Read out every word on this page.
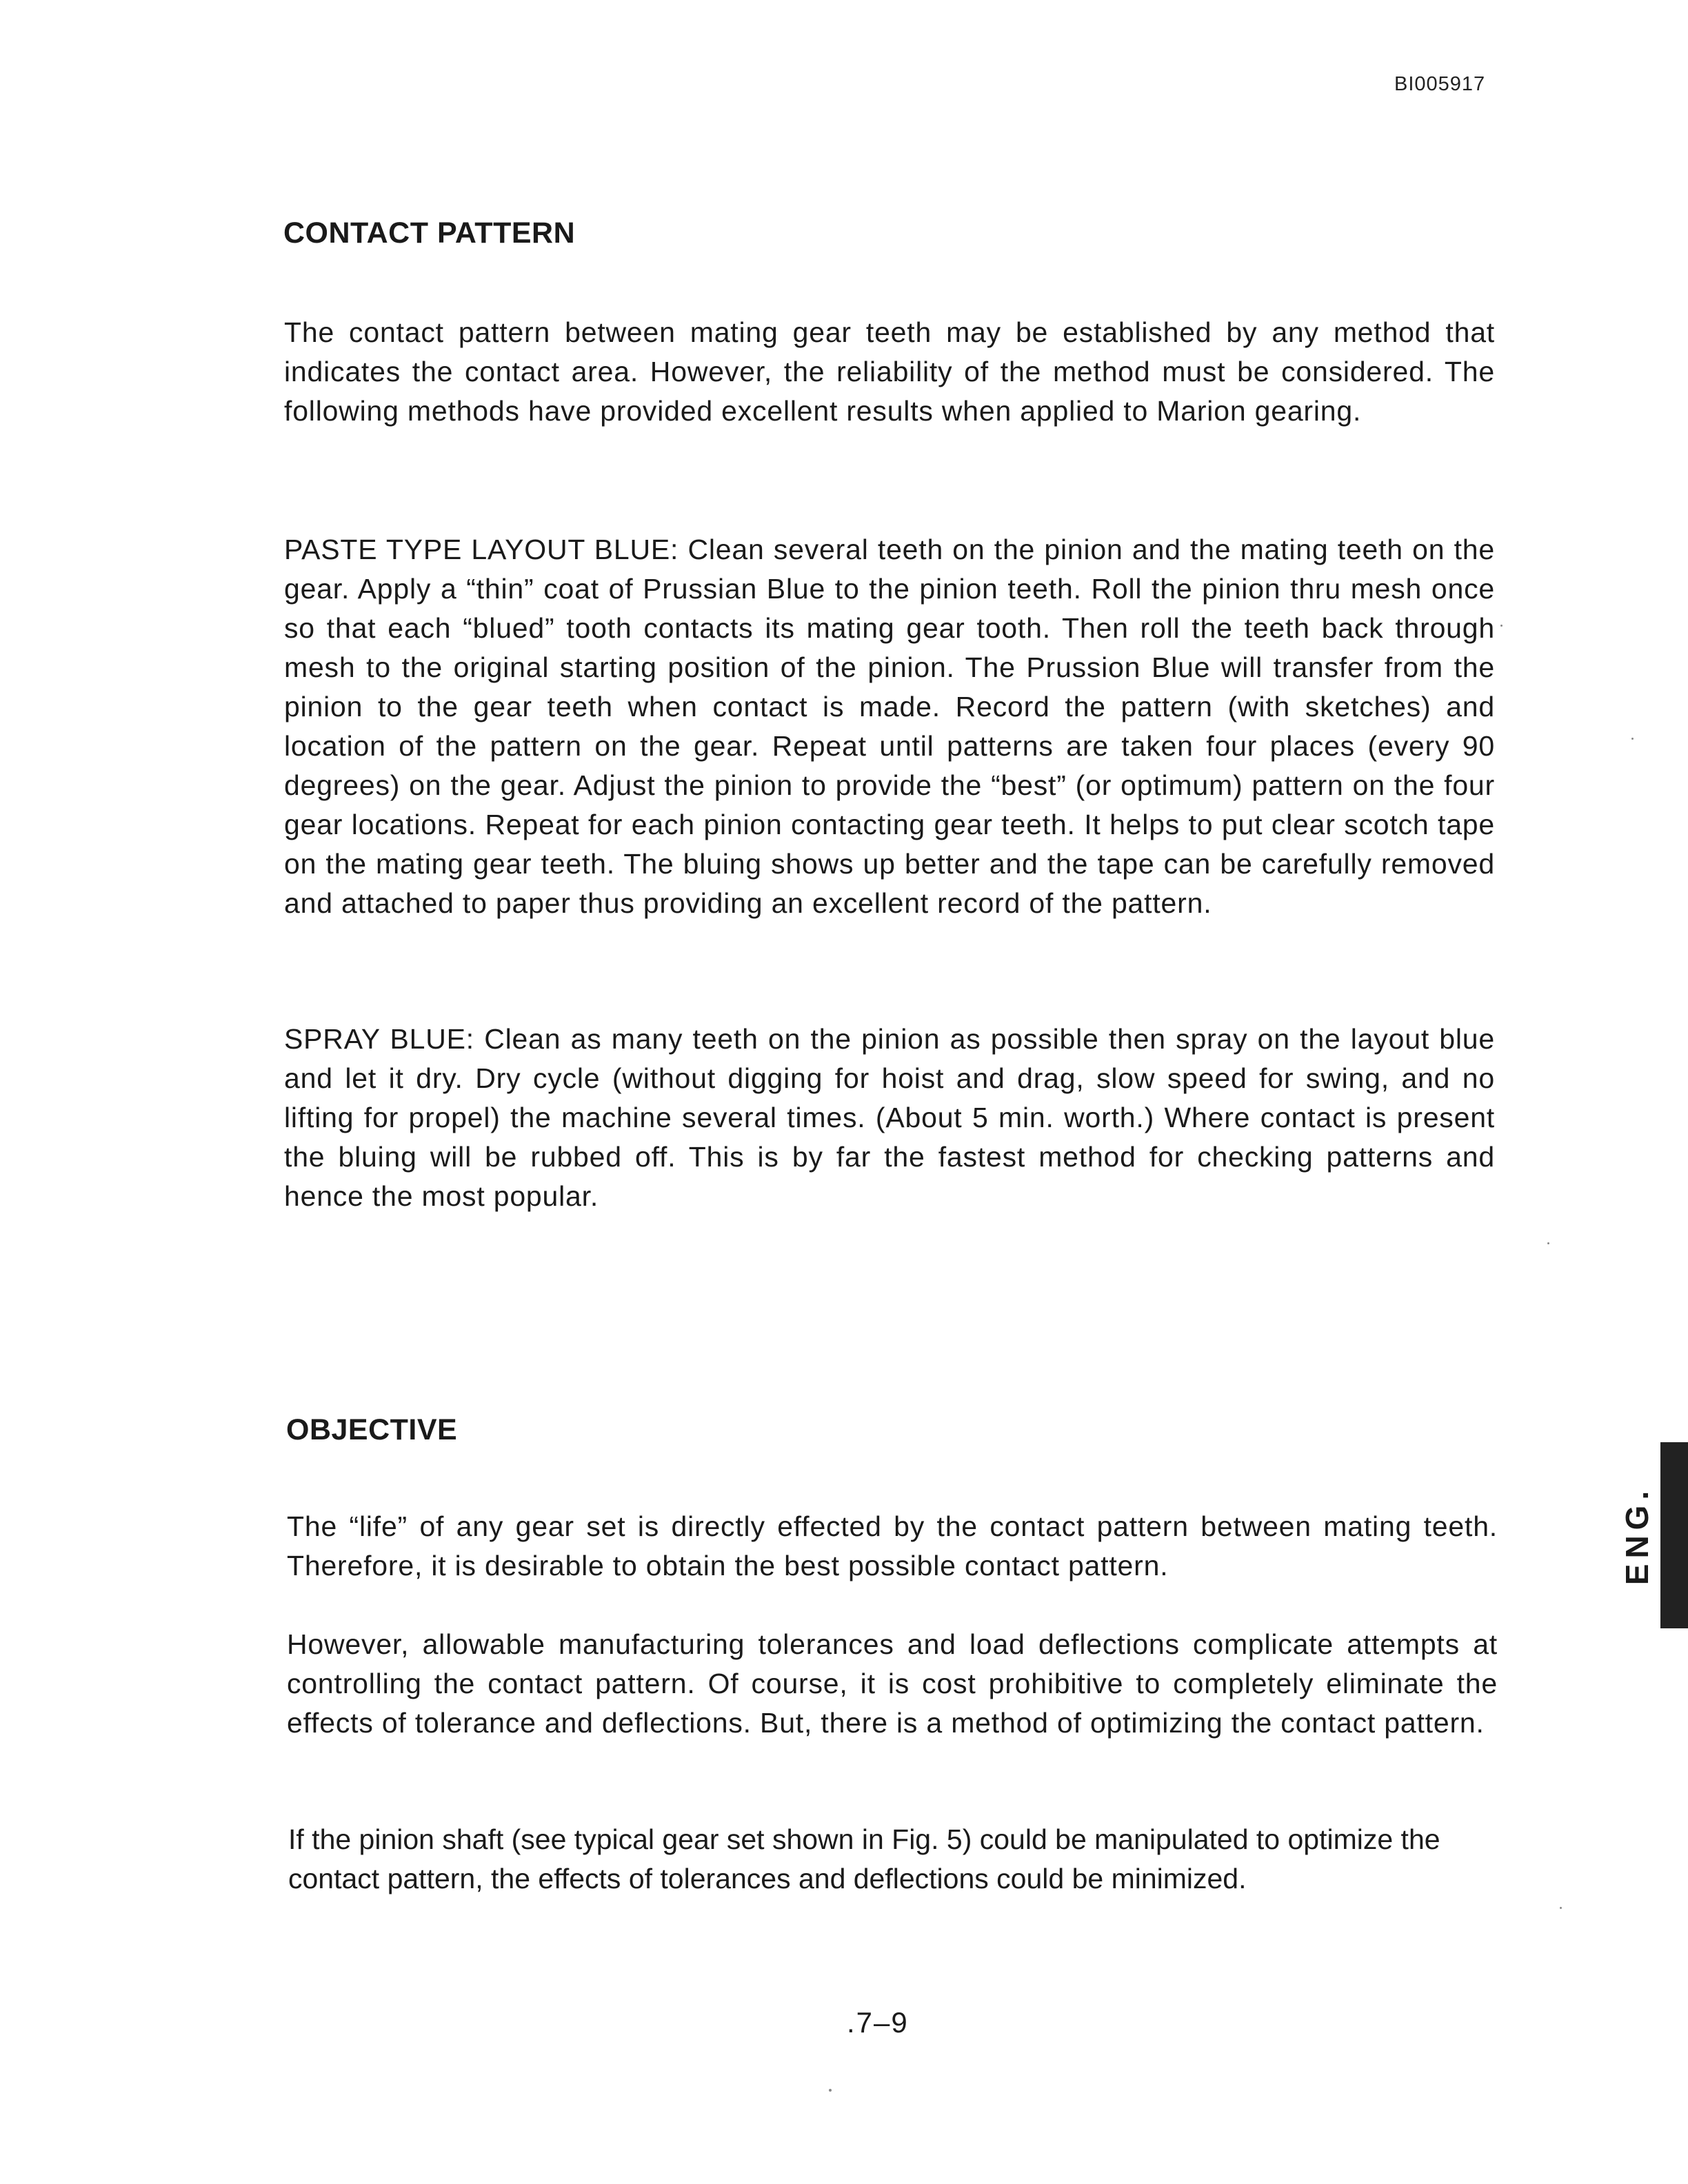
BI005917
CONTACT PATTERN

The contact pattern between mating gear teeth may be established by any method that indicates the contact area. However, the reliability of the method must be considered. The following methods have provided excellent results when applied to Marion gearing.

PASTE TYPE LAYOUT BLUE: Clean several teeth on the pinion and the mating teeth on the gear. Apply a “thin” coat of Prussian Blue to the pinion teeth. Roll the pinion thru mesh once so that each “blued” tooth contacts its mating gear tooth. Then roll the teeth back through mesh to the original starting position of the pinion. The Prussion Blue will transfer from the pinion to the gear teeth when contact is made. Record the pattern (with sketches) and location of the pattern on the gear. Repeat until patterns are taken four places (every 90 degrees) on the gear. Adjust the pinion to provide the “best” (or optimum) pattern on the four gear locations. Repeat for each pinion contacting gear teeth. It helps to put clear scotch tape on the mating gear teeth. The bluing shows up better and the tape can be carefully removed and attached to paper thus providing an excellent record of the pattern.

SPRAY BLUE: Clean as many teeth on the pinion as possible then spray on the layout blue and let it dry. Dry cycle (without digging for hoist and drag, slow speed for swing, and no lifting for propel) the machine several times. (About 5 min. worth.) Where contact is present the bluing will be rubbed off. This is by far the fastest method for checking patterns and hence the most popular.

OBJECTIVE

The “life” of any gear set is directly effected by the contact pattern between mating teeth. Therefore, it is desirable to obtain the best possible contact pattern.

However, allowable manufacturing tolerances and load deflections complicate attempts at controlling the contact pattern. Of course, it is cost prohibitive to completely eliminate the effects of tolerance and deflections. But, there is a method of optimizing the contact pattern.

If the pinion shaft (see typical gear set shown in Fig. 5) could be manipulated to optimize the contact pattern, the effects of tolerances and deflections could be minimized.

.7–9
ENG.
